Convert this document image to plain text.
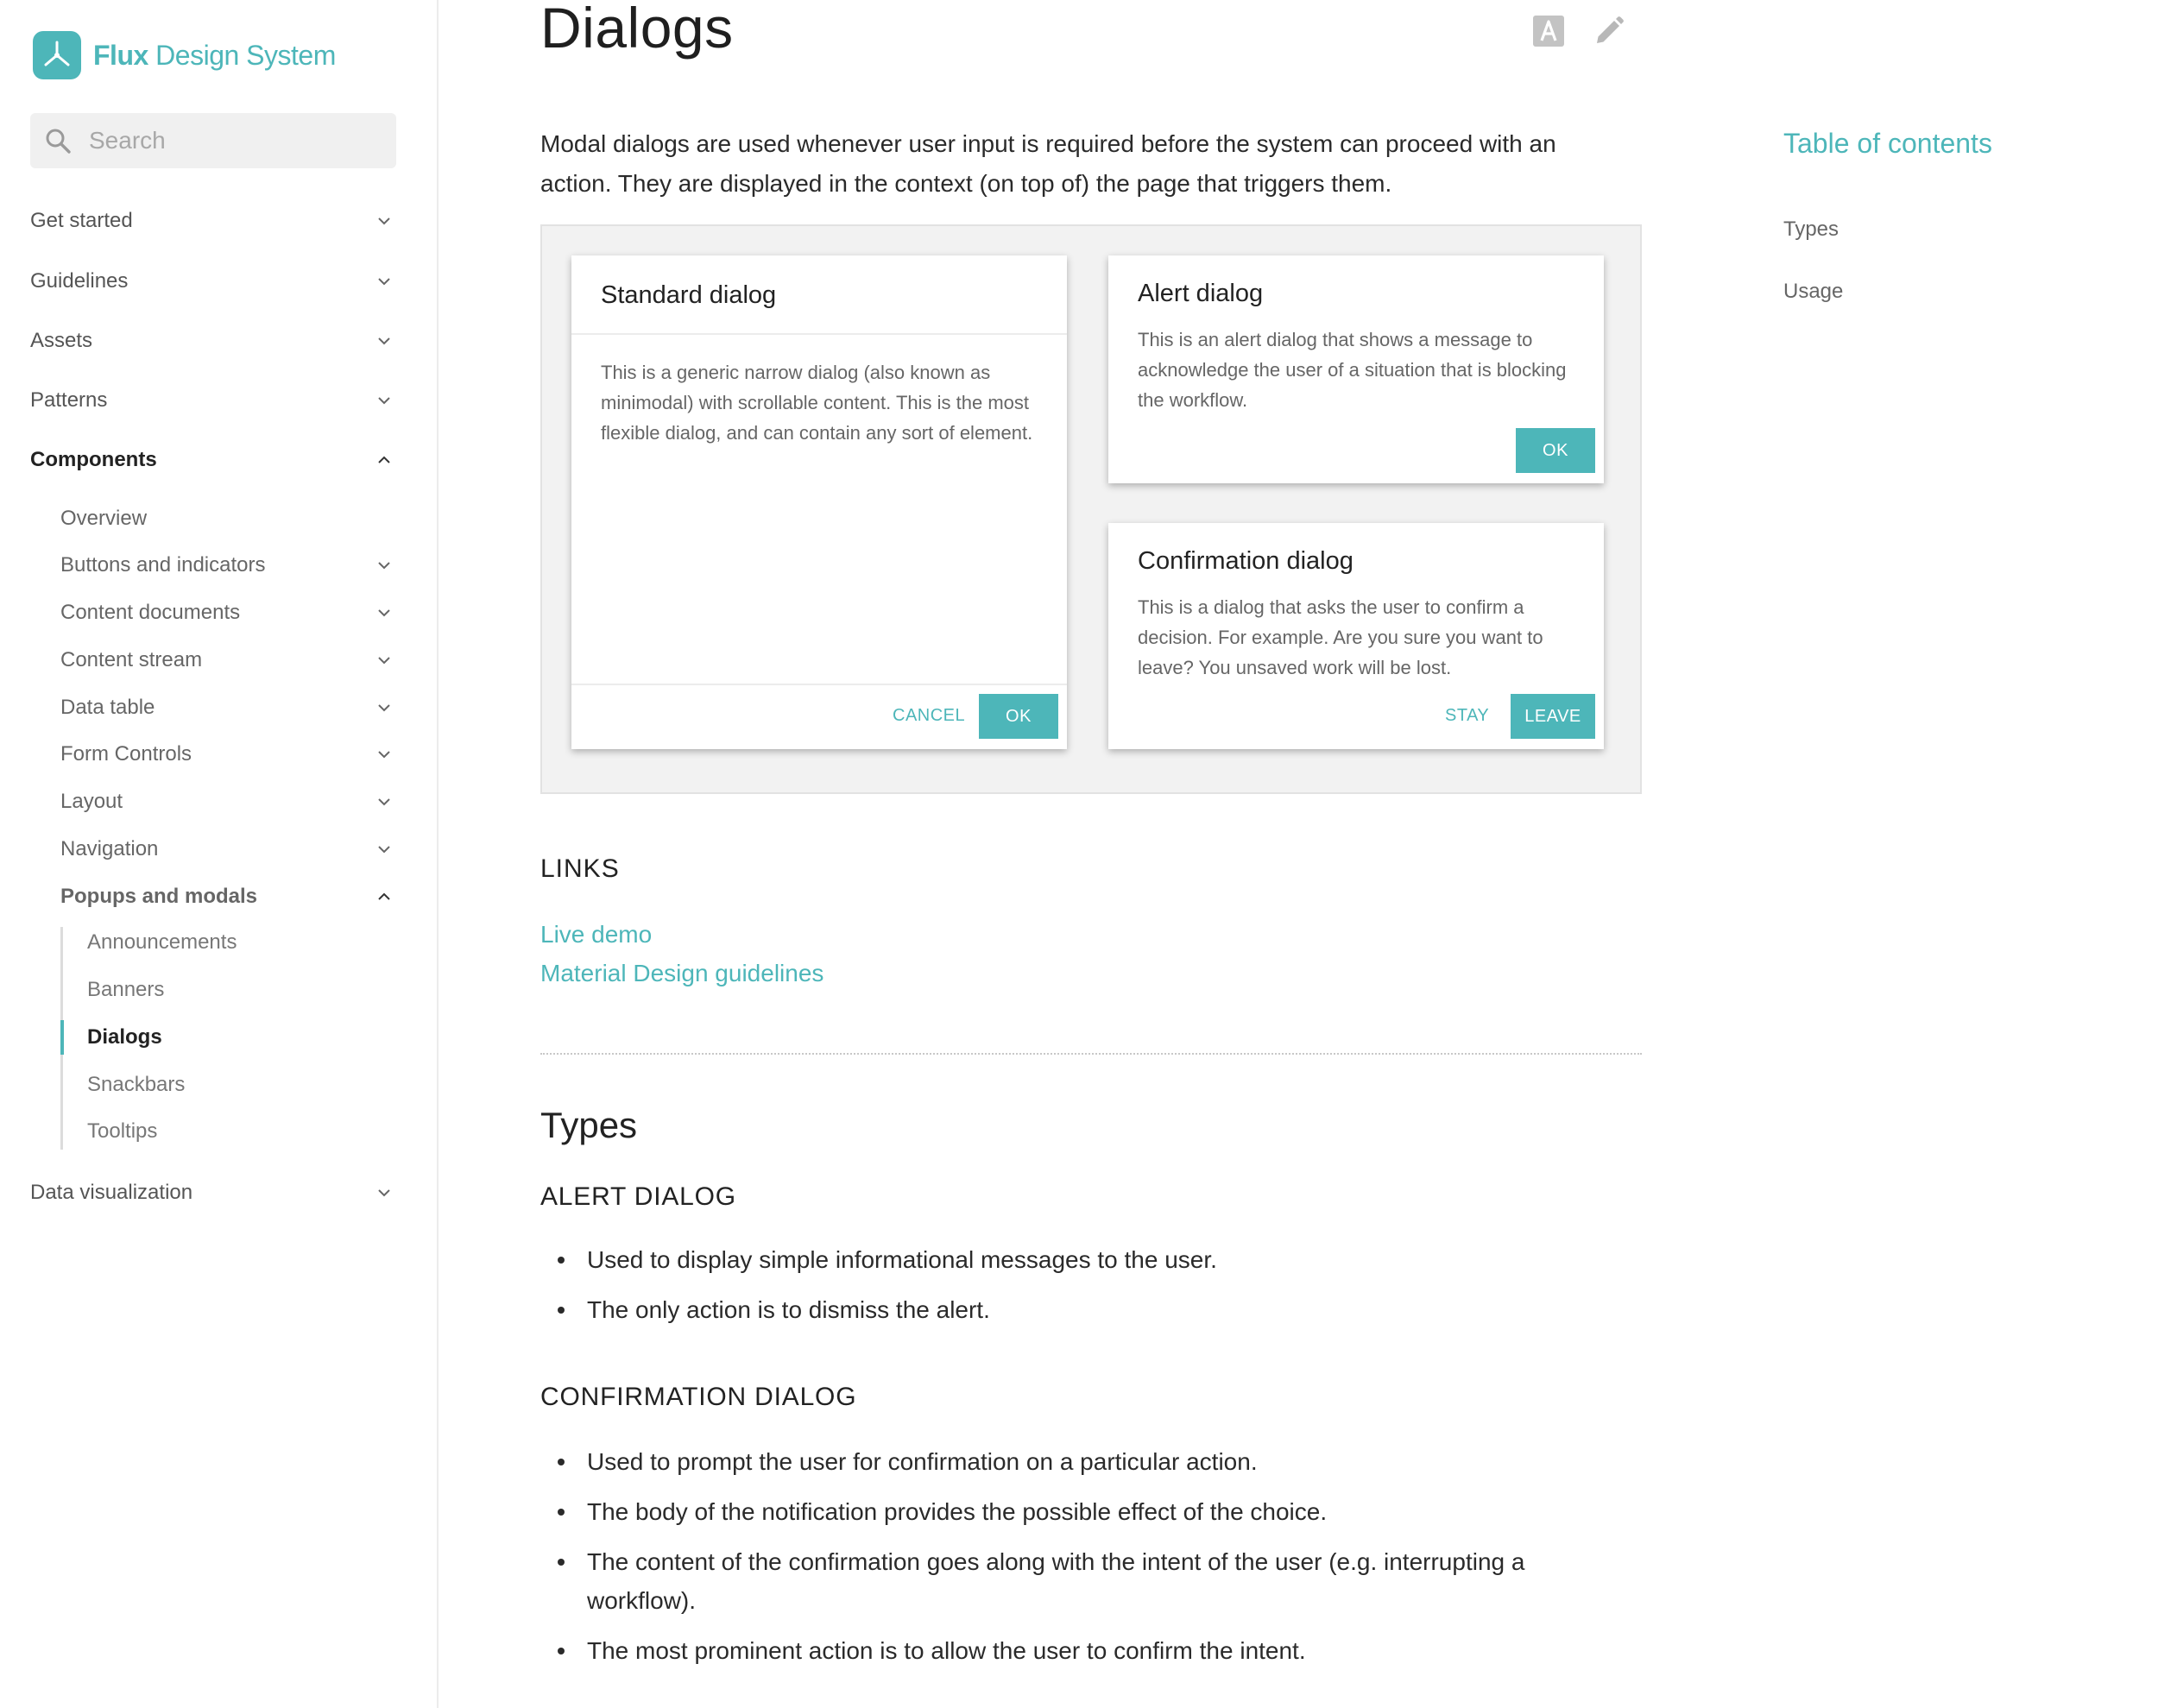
Flux Design System
Search
Get started
Guidelines
Assets
Patterns
Components
Overview
Buttons and indicators
Content documents
Content stream
Data table
Form Controls
Layout
Navigation
Popups and modals
Announcements
Banners
Dialogs
Snackbars
Tooltips
Data visualization
Dialogs

Modal dialogs are used whenever user input is required before the system can proceed with an action. They are displayed in the context (on top of) the page that triggers them.

Standard dialog
This is a generic narrow dialog (also known as minimodal) with scrollable content. This is the most flexible dialog, and can contain any sort of element.
CANCEL	OK
Alert dialog
This is an alert dialog that shows a message to acknowledge the user of a situation that is blocking the workflow.
OK
Confirmation dialog
This is a dialog that asks the user to confirm a decision. For example. Are you sure you want to leave? You unsaved work will be lost.
STAY	LEAVE
LINKS
Live demo
Material Design guidelines
Types
ALERT DIALOG
Used to display simple informational messages to the user.
The only action is to dismiss the alert.
CONFIRMATION DIALOG
Used to prompt the user for confirmation on a particular action.
The body of the notification provides the possible effect of the choice.
The content of the confirmation goes along with the intent of the user (e.g. interrupting a workflow).
The most prominent action is to allow the user to confirm the intent.
Table of contents
Types
Usage
